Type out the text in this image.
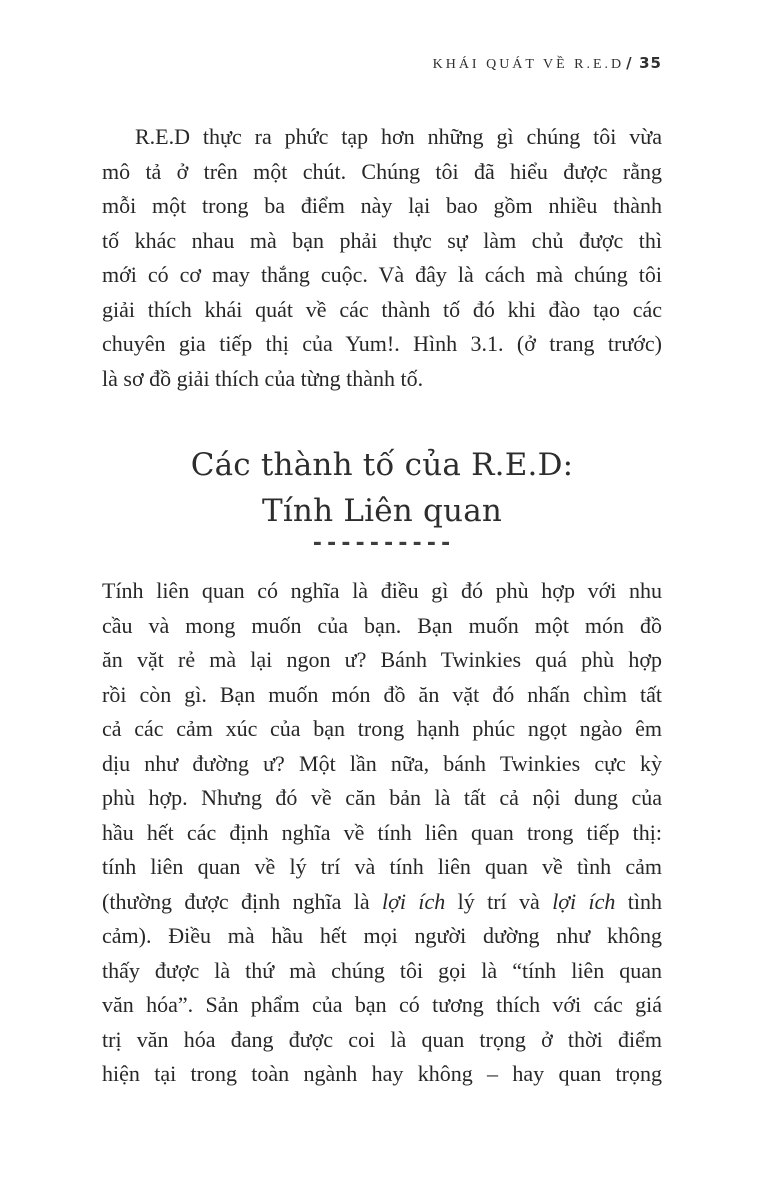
KHÁI QUÁT VỀ R.E.D / 35
R.E.D thực ra phức tạp hơn những gì chúng tôi vừa
mô tả ở trên một chút. Chúng tôi đã hiểu được rằng
mỗi một trong ba điểm này lại bao gồm nhiều thành
tố khác nhau mà bạn phải thực sự làm chủ được thì
mới có cơ may thắng cuộc. Và đây là cách mà chúng tôi
giải thích khái quát về các thành tố đó khi đào tạo các
chuyên gia tiếp thị của Yum!. Hình 3.1. (ở trang trước)
là sơ đồ giải thích của từng thành tố.
Các thành tố của R.E.D:
Tính Liên quan
----------
Tính liên quan có nghĩa là điều gì đó phù hợp với nhu
cầu và mong muốn của bạn. Bạn muốn một món đồ
ăn vặt rẻ mà lại ngon ư? Bánh Twinkies quá phù hợp
rồi còn gì. Bạn muốn món đồ ăn vặt đó nhấn chìm tất
cả các cảm xúc của bạn trong hạnh phúc ngọt ngào êm
dịu như đường ư? Một lần nữa, bánh Twinkies cực kỳ
phù hợp. Nhưng đó về căn bản là tất cả nội dung của
hầu hết các định nghĩa về tính liên quan trong tiếp thị:
tính liên quan về lý trí và tính liên quan về tình cảm
(thường được định nghĩa là lợi ích lý trí và lợi ích tình
cảm). Điều mà hầu hết mọi người dường như không
thấy được là thứ mà chúng tôi gọi là “tính liên quan
văn hóa”. Sản phẩm của bạn có tương thích với các giá
trị văn hóa đang được coi là quan trọng ở thời điểm
hiện tại trong toàn ngành hay không – hay quan trọng
